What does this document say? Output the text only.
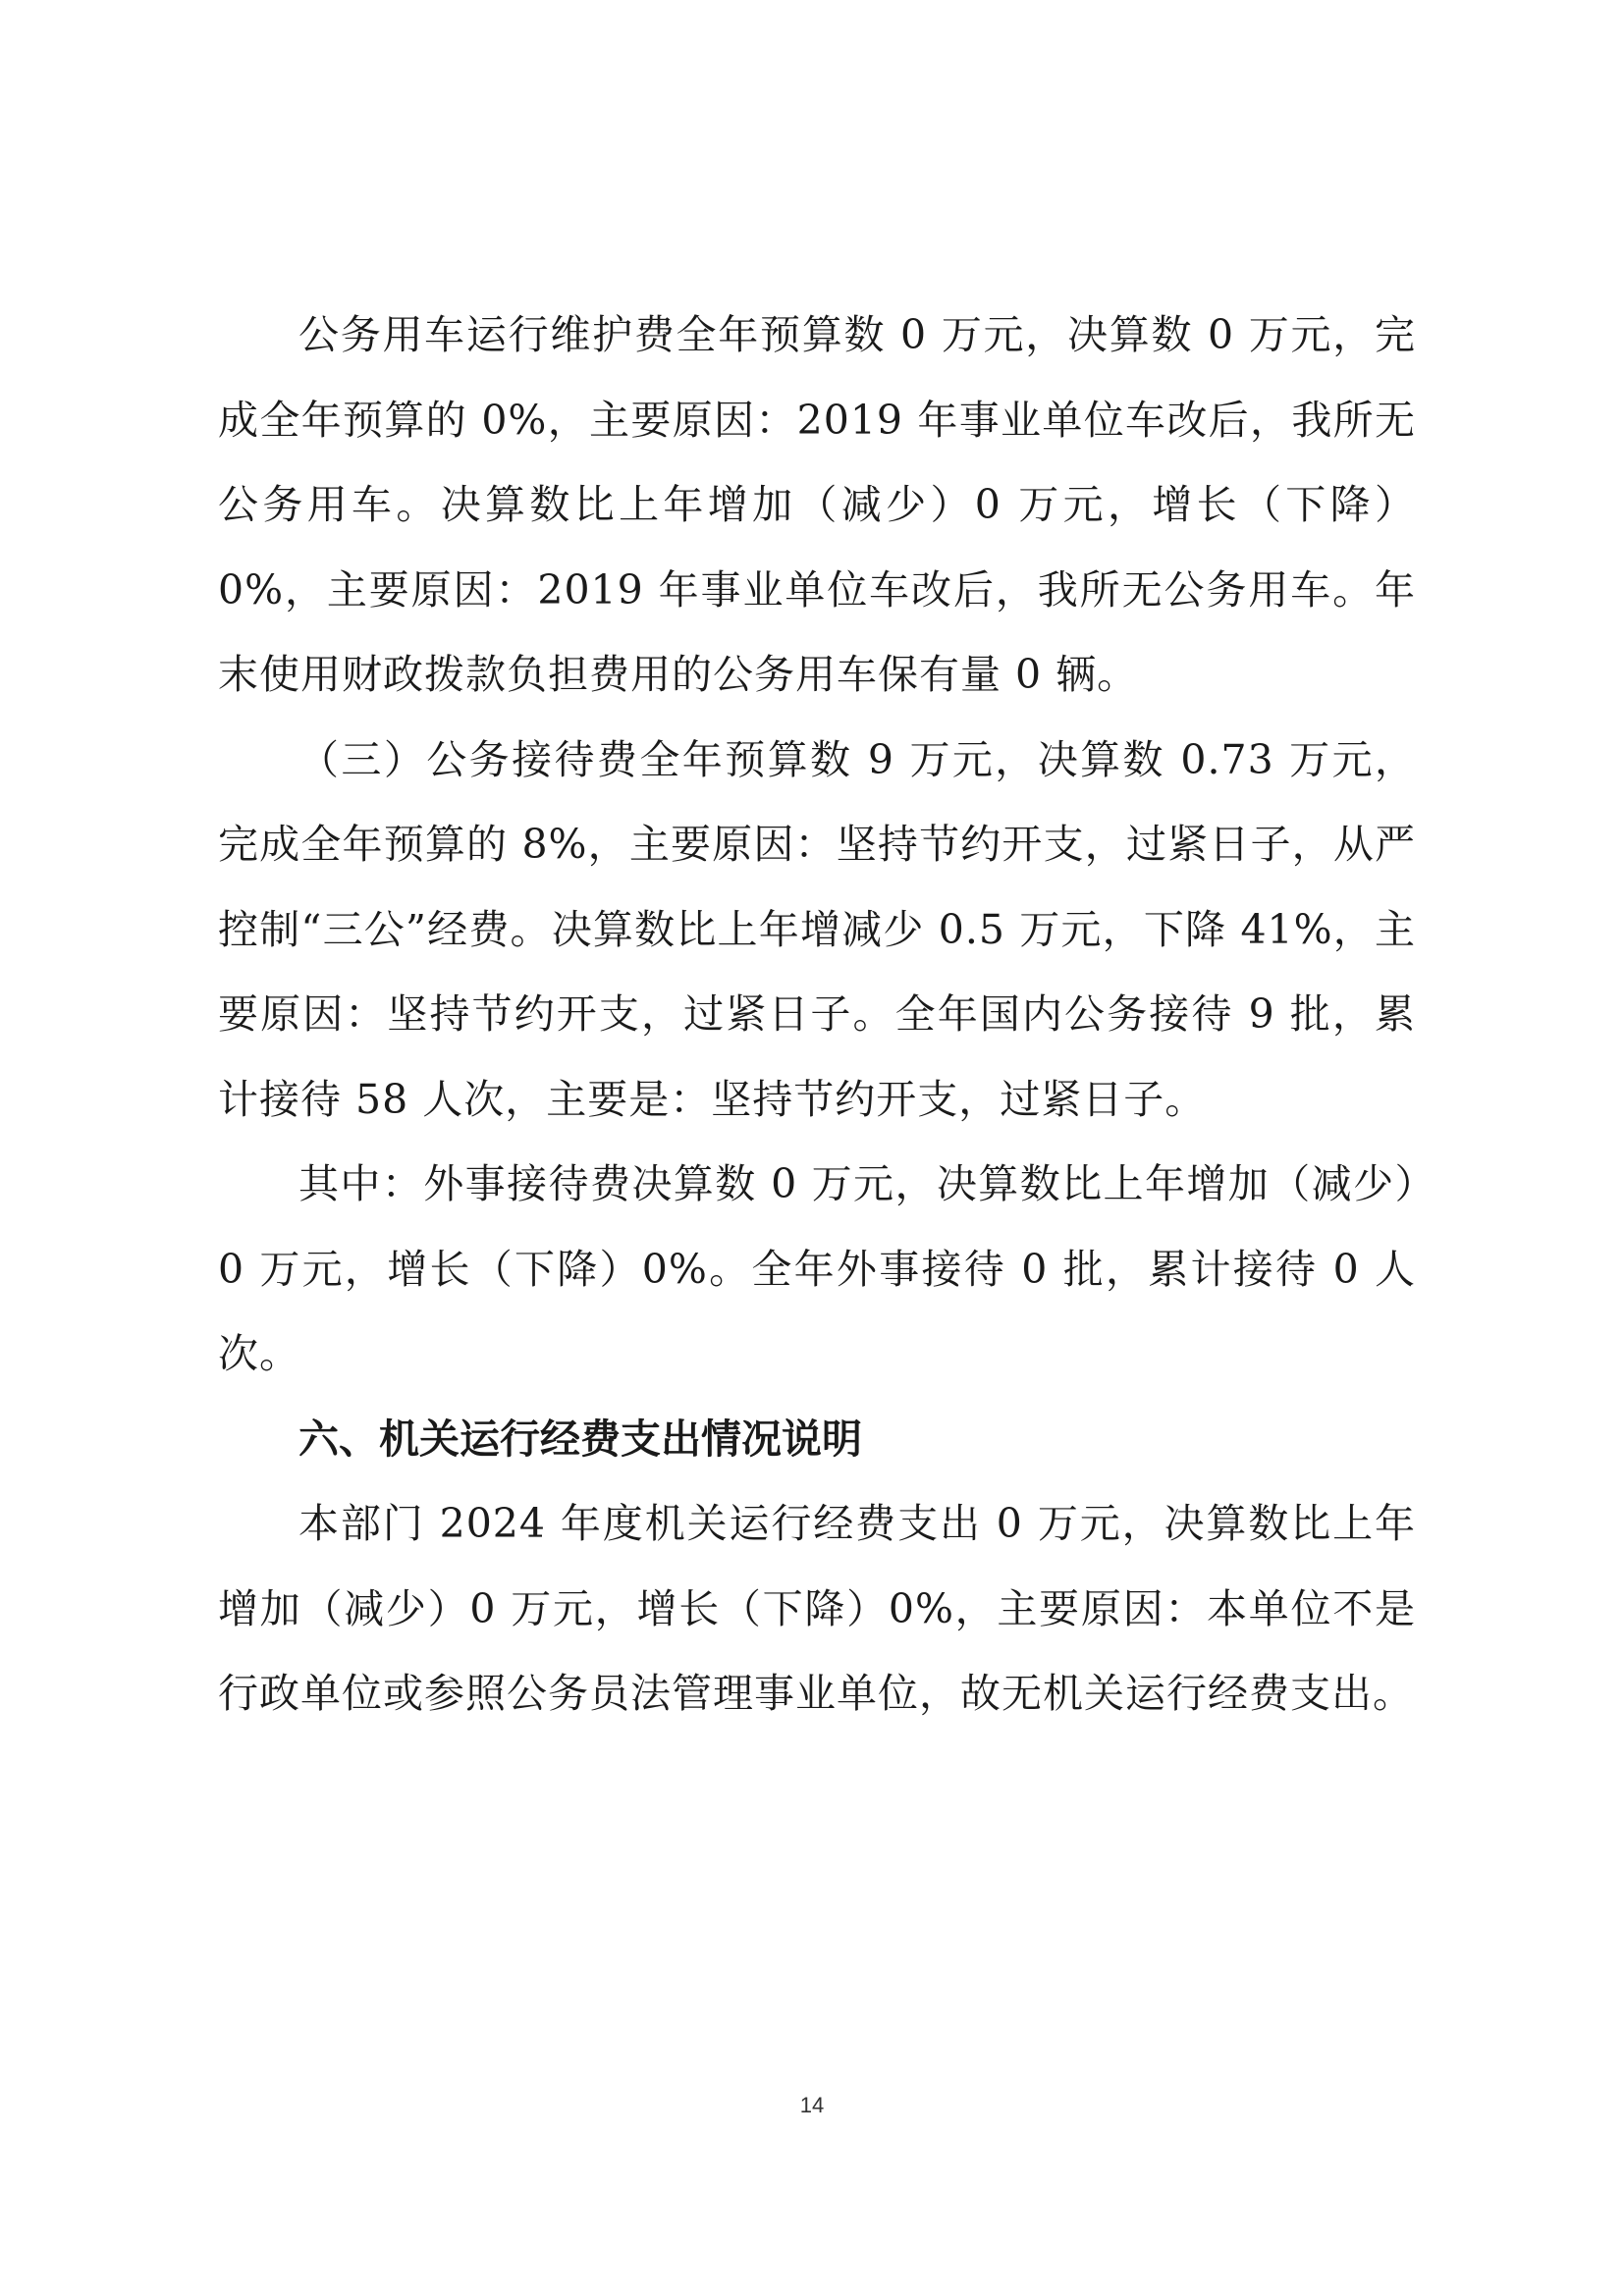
公务用车运行维护费全年预算数 0 万元，决算数 0 万元，完成全年预算的 0%，主要原因：2019 年事业单位车改后，我所无公务用车。决算数比上年增加（减少）0 万元，增长（下降）0%，主要原因：2019 年事业单位车改后，我所无公务用车。年末使用财政拨款负担费用的公务用车保有量 0 辆。

（三）公务接待费全年预算数 9 万元，决算数 0.73 万元，完成全年预算的 8%，主要原因：坚持节约开支，过紧日子，从严控制“三公”经费。决算数比上年增减少 0.5 万元，下降 41%，主要原因：坚持节约开支，过紧日子。全年国内公务接待 9 批，累计接待 58 人次，主要是：坚持节约开支，过紧日子。

其中：外事接待费决算数 0 万元，决算数比上年增加（减少）0 万元，增长（下降）0%。全年外事接待 0 批，累计接待 0 人次。

六、机关运行经费支出情况说明

本部门 2024 年度机关运行经费支出 0 万元，决算数比上年增加（减少）0 万元，增长（下降）0%，主要原因：本单位不是行政单位或参照公务员法管理事业单位，故无机关运行经费支出。

14
